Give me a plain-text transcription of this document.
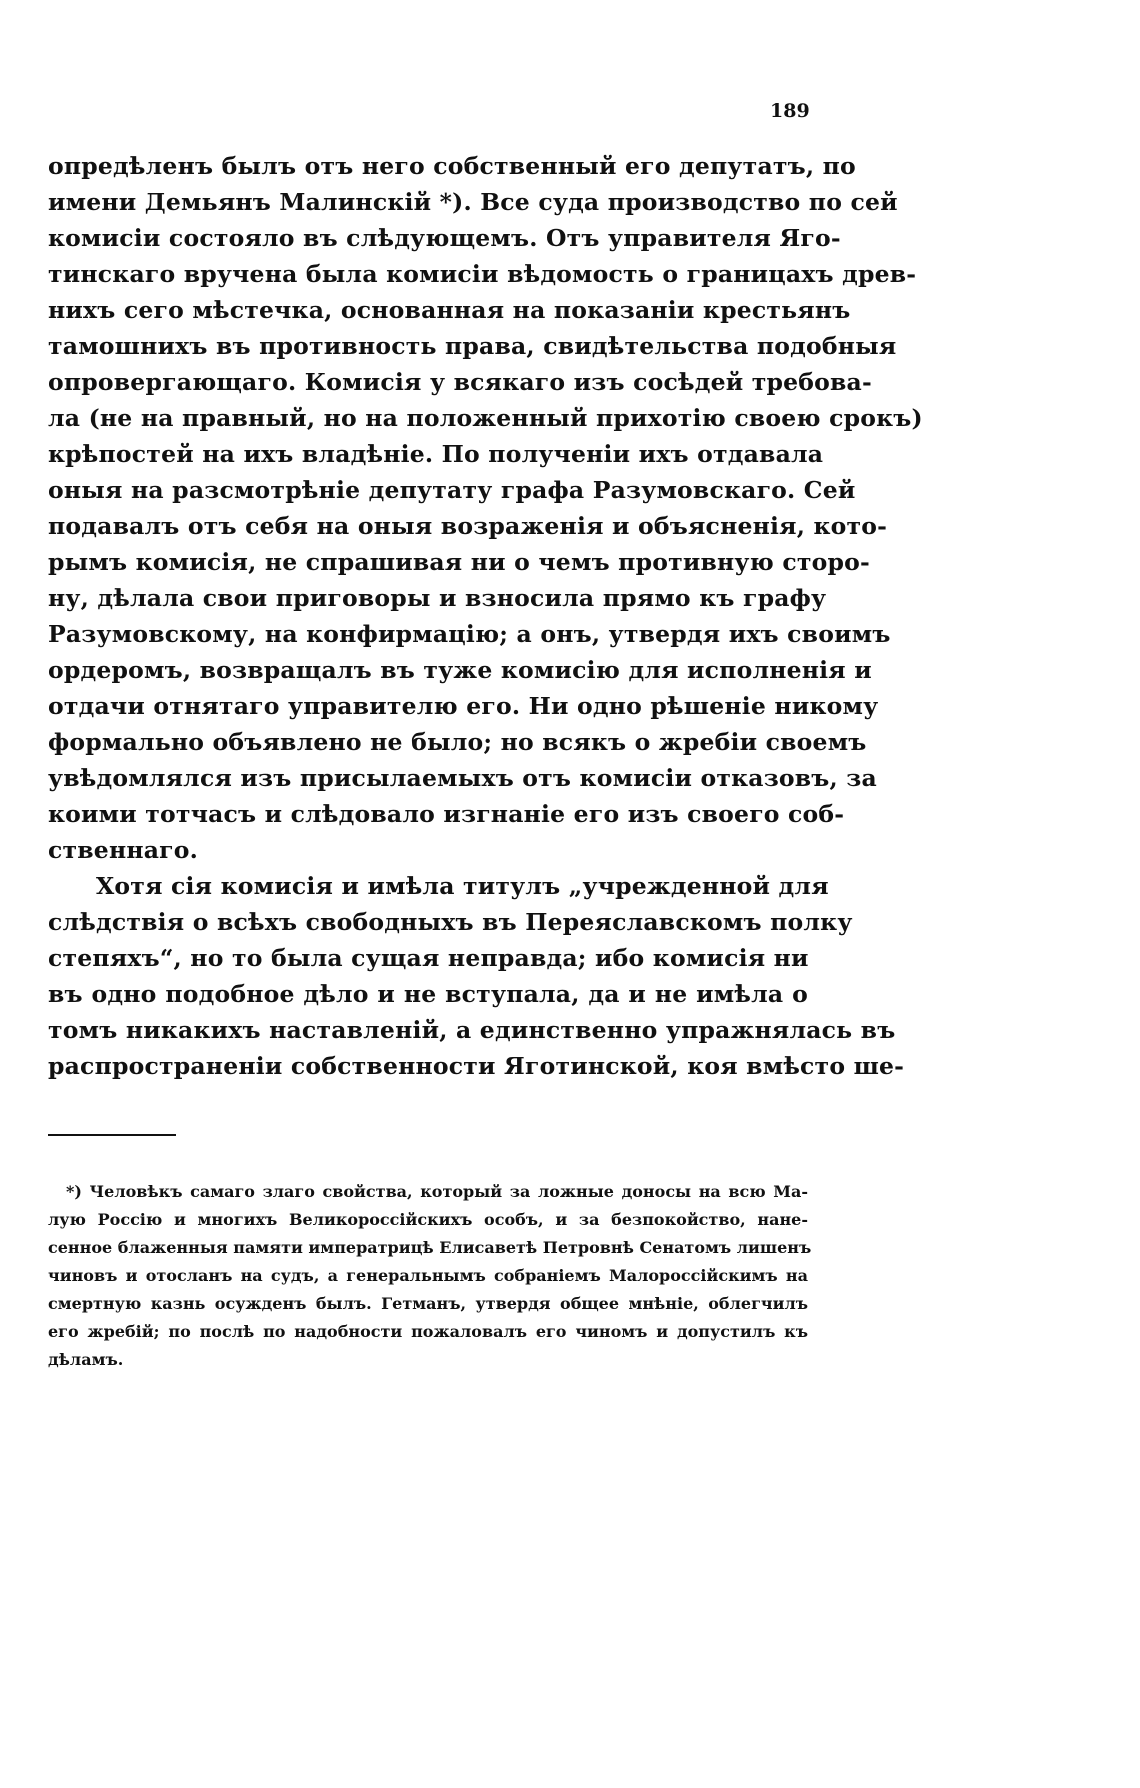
189
опредѣленъ былъ отъ него собственный его депутатъ, по
имени Демьянъ Малинскій *). Все суда производство по сей
комисіи состояло въ слѣдующемъ. Отъ управителя Яго-
тинскаго вручена была комисіи вѣдомость о границахъ древ-
нихъ сего мѣстечка, основанная на показаніи крестьянъ
тамошнихъ въ противность права, свидѣтельства подобныя
опровергающаго. Комисія у всякаго изъ сосѣдей требова-
ла (не на правный, но на положенный прихотію своею срокъ)
крѣпостей на ихъ владѣніе. По полученіи ихъ отдавала
оныя на разсмотрѣніе депутату графа Разумовскаго. Сей
подавалъ отъ себя на оныя возраженія и объясненія, кото-
рымъ комисія, не спрашивая ни о чемъ противную сторо-
ну, дѣлала свои приговоры и взносила прямо къ графу
Разумовскому, на конфирмацію; а онъ, утвердя ихъ своимъ
ордеромъ, возвращалъ въ туже комисію для исполненія и
отдачи отнятаго управителю его. Ни одно рѣшеніе никому
формально объявлено не было; но всякъ о жребіи своемъ
увѣдомлялся изъ присылаемыхъ отъ комисіи отказовъ, за
коими тотчасъ и слѣдовало изгнаніе его изъ своего соб-
ственнаго.
Хотя сія комисія и имѣла титулъ „учрежденной для
слѣдствія о всѣхъ свободныхъ въ Переяславскомъ полку
степяхъ“, но то была сущая неправда; ибо комисія ни
въ одно подобное дѣло и не вступала, да и не имѣла о
томъ никакихъ наставленій, а единственно упражнялась въ
распространеніи собственности Яготинской, коя вмѣсто ше-
*) Человѣкъ самаго злаго свойства, который за ложные доносы на всю Ма-
лую Россію и многихъ Великороссійскихъ особъ, и за безпокойство, нане-
сенное блаженныя памяти императрицѣ Елисаветѣ Петровнѣ Сенатомъ лишенъ
чиновъ и отосланъ на судъ, а генеральнымъ собраніемъ Малороссійскимъ на
смертную казнь осужденъ былъ. Гетманъ, утвердя общее мнѣніе, облегчилъ
его жребій; по послѣ по надобности пожаловалъ его чиномъ и допустилъ къ
дѣламъ.
